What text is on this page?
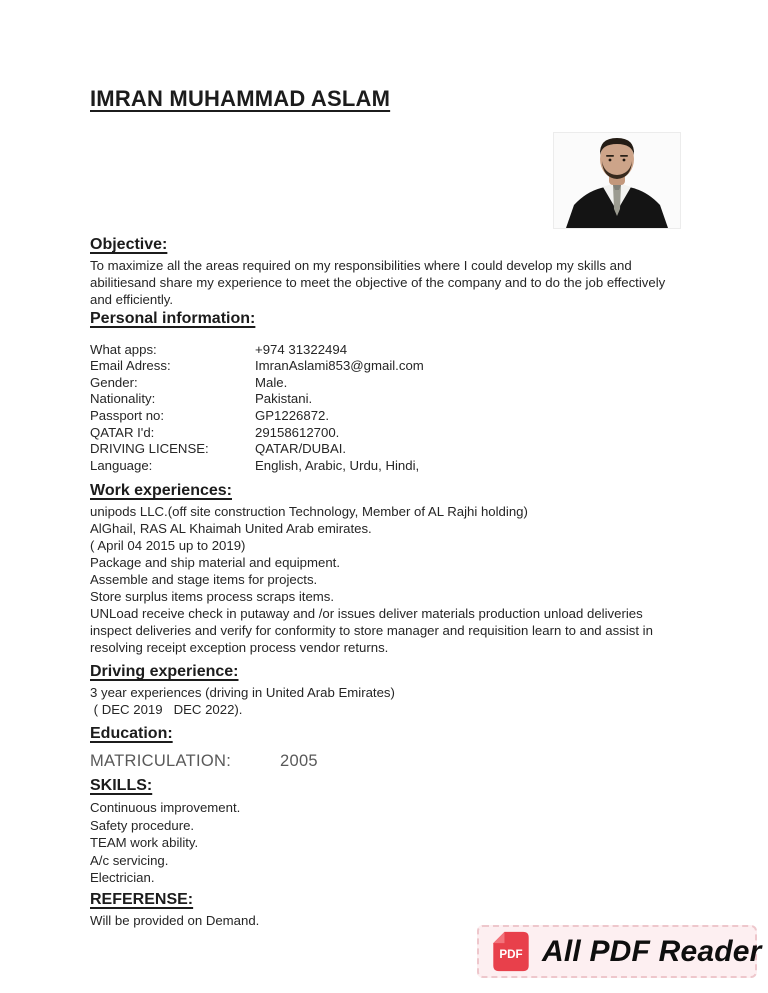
IMRAN MUHAMMAD ASLAM
Objective:

To maximize all the areas required on my responsibilities where I could develop my skills and abilitiesand share my experience to meet the objective of the company and to do the job effectively and efficiently.

Personal information:
What apps:	+974 31322494
Email Adress:	ImranAslami853@gmail.com
Gender:	Male.
Nationality:	Pakistani.
Passport no:	GP1226872.
QATAR I'd:	29158612700.
DRIVING LICENSE:	QATAR/DUBAI.
Language:	English, Arabic, Urdu, Hindi,
Work experiences:
unipods LLC.(off site construction Technology, Member of AL Rajhi holding)
AlGhail, RAS AL Khaimah United Arab emirates.
( April 04 2015 up to 2019)
Package and ship material and equipment.
Assemble and stage items for projects.
Store surplus items process scraps items.
UNLoad receive check in putaway and /or issues deliver materials production unload deliveries inspect deliveries and verify for conformity to store manager and requisition learn to and assist in resolving receipt exception process vendor returns.
Driving experience:
3 year experiences (driving in United Arab Emirates)
( DEC 2019   DEC 2022).
Education:
MATRICULATION:	2005
SKILLS:
Continuous improvement.
Safety procedure.
TEAM work ability.
A/c servicing.
Electrician.
REFERENSE:

Will be provided on Demand.

PDF All PDF Reader
